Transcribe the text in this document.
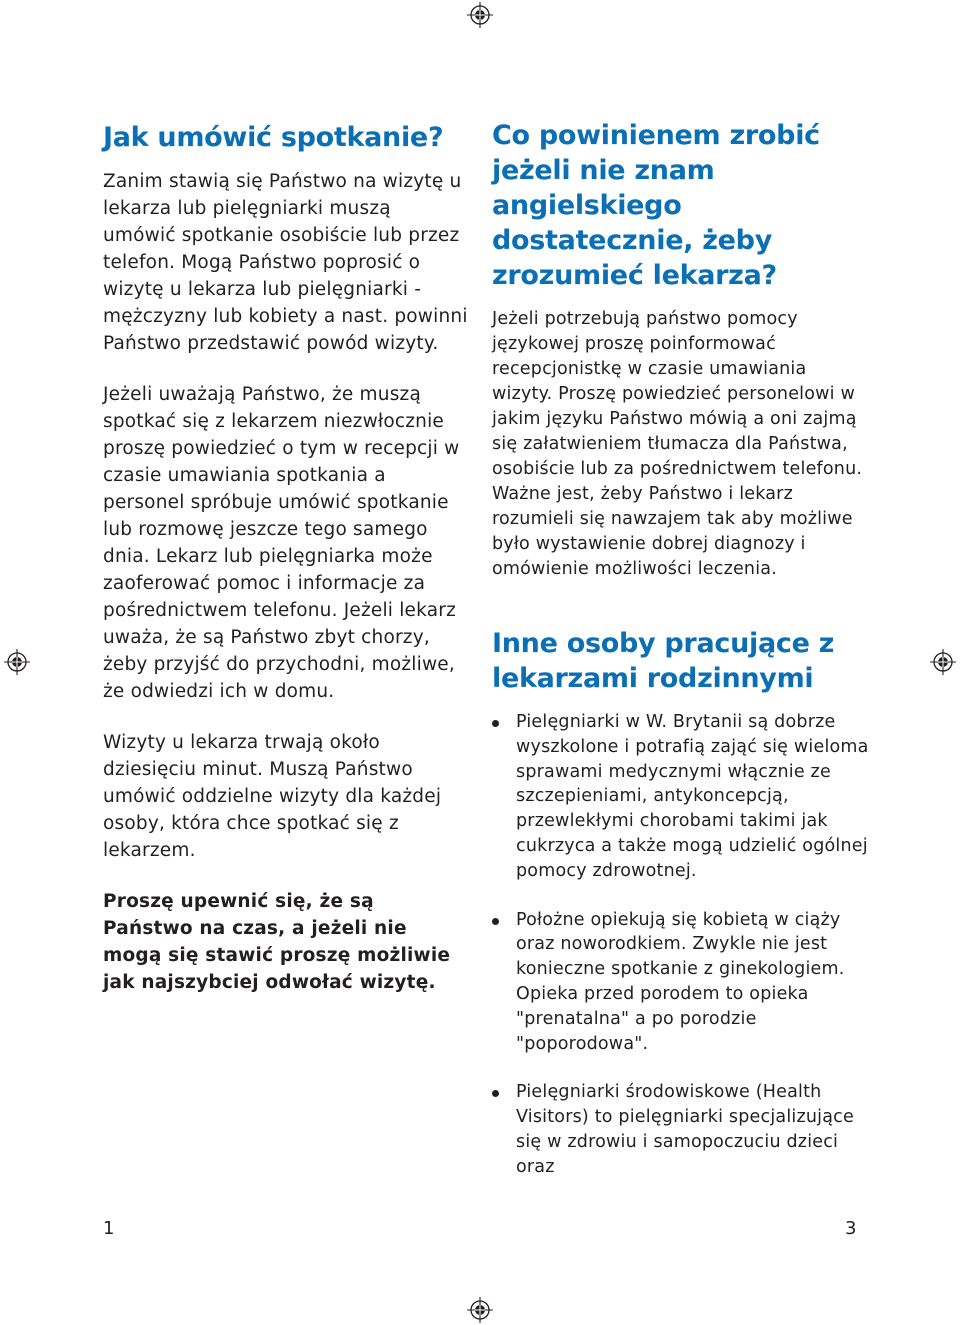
Jak umówić spotkanie?

Zanim stawią się Państwo na wizytę u lekarza lub pielęgniarki muszą umówić spotkanie osobiście lub przez telefon. Mogą Państwo poprosić o wizytę u lekarza lub pielęgniarki - mężczyzny lub kobiety a nast. powinni Państwo przedstawić powód wizyty.

Jeżeli uważają Państwo, że muszą spotkać się z lekarzem niezwłocznie proszę powiedzieć o tym w recepcji w czasie umawiania spotkania a personel spróbuje umówić spotkanie lub rozmowę jeszcze tego samego dnia. Lekarz lub pielęgniarka może zaoferować pomoc i informacje za pośrednictwem telefonu. Jeżeli lekarz uważa, że są Państwo zbyt chorzy, żeby przyjść do przychodni, możliwe, że odwiedzi ich w domu.

Wizyty u lekarza trwają około dziesięciu minut. Muszą Państwo umówić oddzielne wizyty dla każdej osoby, która chce spotkać się z lekarzem.

Proszę upewnić się, że są Państwo na czas, a jeżeli nie mogą się stawić proszę możliwie jak najszybciej odwołać wizytę.

Co powinienem zrobić jeżeli nie znam angielskiego dostatecznie, żeby zrozumieć lekarza?

Jeżeli potrzebują państwo pomocy językowej proszę poinformować recepcjonistkę w czasie umawiania wizyty. Proszę powiedzieć personelowi w jakim języku Państwo mówią a oni zajmą się załatwieniem tłumacza dla Państwa, osobiście lub za pośrednictwem telefonu. Ważne jest, żeby Państwo i lekarz rozumieli się nawzajem tak aby możliwe było wystawienie dobrej diagnozy i omówienie możliwości leczenia.

Inne osoby pracujące z lekarzami rodzinnymi
Pielęgniarki w W. Brytanii są dobrze wyszkolone i potrafią zająć się wieloma sprawami medycznymi włącznie ze szczepieniami, antykoncepcją, przewlekłymi chorobami takimi jak cukrzyca a także mogą udzielić ogólnej pomocy zdrowotnej.
Położne opiekują się kobietą w ciąży oraz noworodkiem. Zwykle nie jest konieczne spotkanie z ginekologiem. Opieka przed porodem to opieka "prenatalna" a po porodzie "poporodowa".
Pielęgniarki środowiskowe (Health Visitors) to pielęgniarki specjalizujące się w zdrowiu i samopoczuciu dzieci oraz
1	3
